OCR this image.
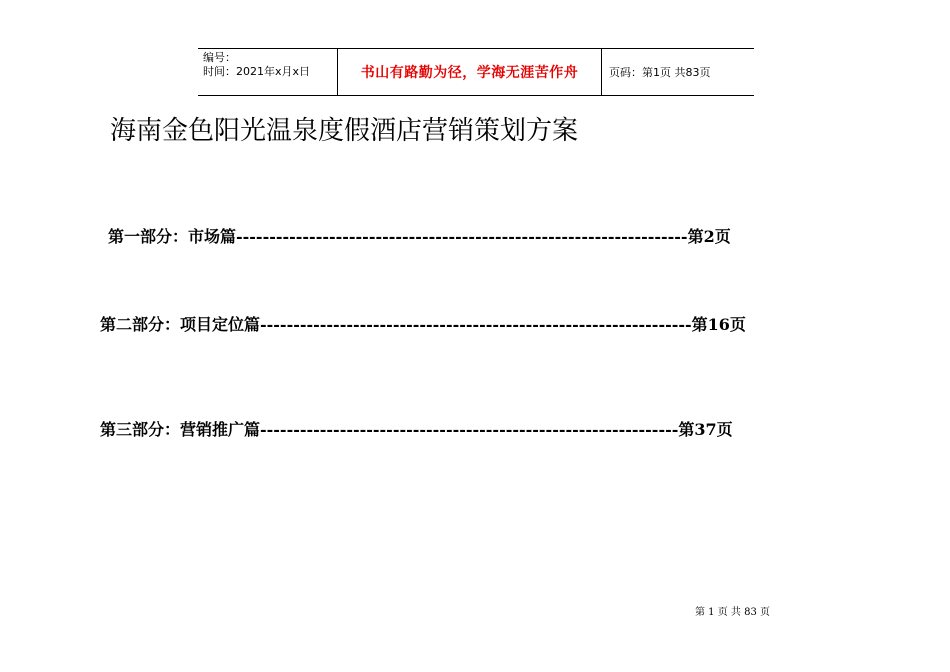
编号：
时间：2021年x月x日	书山有路勤为径，学海无涯苦作舟	页码：第1页 共83页
海南金色阳光温泉度假酒店营销策划方案
第一部分：市场篇--------------------------------------------------------------------第2页
第二部分：项目定位篇-----------------------------------------------------------------第16页
第三部分：营销推广篇---------------------------------------------------------------第37页
第 1 页 共 83 页
